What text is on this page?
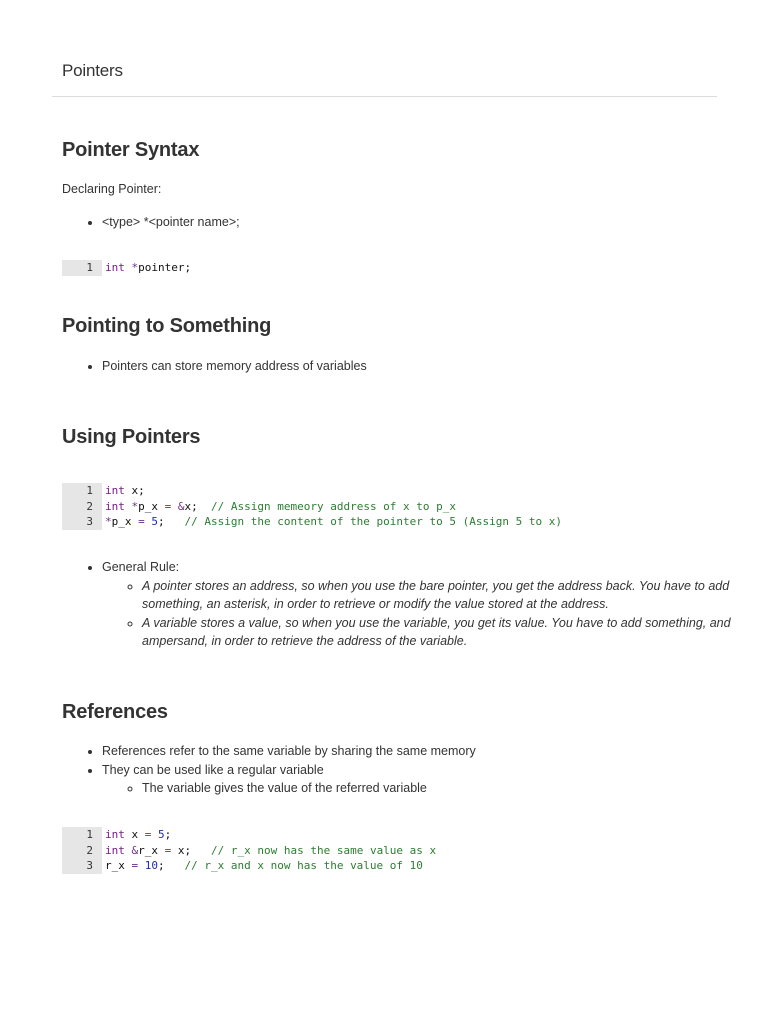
Pointers
Pointer Syntax

Declaring Pointer:

• <type> *<pointer name>;
1	int *pointer;
Pointing to Something
• Pointers can store memory address of variables
Using Pointers
1	int x;
2	int *p_x = &x;  // Assign memeory address of x to p_x
3	*p_x = 5;   // Assign the content of the pointer to 5 (Assign 5 to x)
• General Rule:
◦ A pointer stores an address, so when you use the bare pointer, you get the address back. You have to add something, an asterisk, in order to retrieve or modify the value stored at the address.
◦ A variable stores a value, so when you use the variable, you get its value. You have to add something, and ampersand, in order to retrieve the address of the variable.
References
• References refer to the same variable by sharing the same memory
• They can be used like a regular variable
◦ The variable gives the value of the referred variable
1	int x = 5;
2	int &r_x = x;   // r_x now has the same value as x
3	r_x = 10;   // r_x and x now has the value of 10
